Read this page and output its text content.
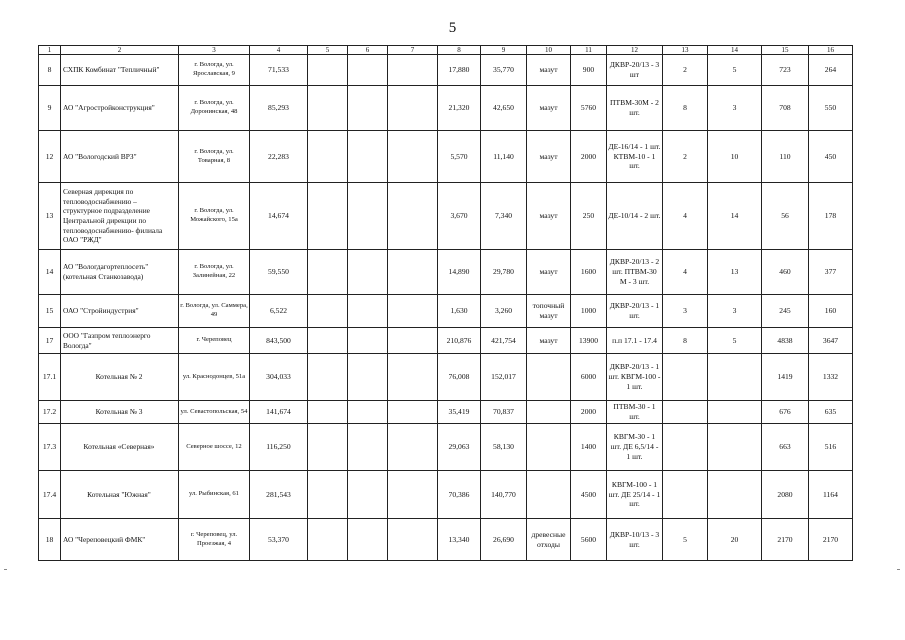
5
1	2	3	4	5	6	7	8	9	10	11	12	13	14	15	16
8	СХПК Комбинат "Тепличный"	г. Вологда, ул. Ярославская, 9	71,533				17,880	35,770	мазут	900	ДКВР-20/13 - 3 шт	2	5	723	264
9	АО "Агростройконструкция"	г. Вологда, ул. Доронинская, 48	85,293				21,320	42,650	мазут	5760	ПТВМ-30М - 2 шт.	8	3	708	550
12	АО "Вологодский ВРЗ"	г. Вологда, ул. Товарная, 8	22,283				5,570	11,140	мазут	2000	ДЕ-16/14 - 1 шт. КТВМ-10 - 1 шт.	2	10	110	450
13	Северная дирекция по тепловодоснабжению – структурное подразделение Центральной дирекции по тепловодоснабжению- филиала ОАО "РЖД"	г. Вологда, ул. Можайского, 15а	14,674				3,670	7,340	мазут	250	ДЕ-10/14 - 2 шт.	4	14	56	178
14	АО "Вологдагортеплосеть" (котельная Станкозавода)	г. Вологда, ул. Залинейная, 22	59,550				14,890	29,780	мазут	1600	ДКВР-20/13 - 2 шт. ПТВМ-30 М - 3 шт.	4	13	460	377
15	ОАО "Стройиндустрия"	г. Вологда, ул. Саммера, 49	6,522				1,630	3,260	топочный мазут	1000	ДКВР-20/13 - 1 шт.	3	3	245	160
17	ООО "Газпром теплоэнерго Вологда"	г. Череповец	843,500				210,876	421,754	мазут	13900	п.п 17.1 - 17.4	8	5	4838	3647
17.1	Котельная № 2	ул. Краснодонцев, 51а	304,033				76,008	152,017		6000	ДКВР-20/13 - 1 шт. КВГМ-100 - 1 шт.			1419	1332
17.2	Котельная № 3	ул. Севастопольская, 54	141,674				35,419	70,837		2000	ПТВМ-30 - 1 шт.			676	635
17.3	Котельная «Северная»	Северное шоссе, 12	116,250				29,063	58,130		1400	КВГМ-30 - 1 шт. ДЕ 6,5/14 - 1 шт.			663	516
17.4	Котельная "Южная"	ул. Рыбинская, 61	281,543				70,386	140,770		4500	КВГМ-100 - 1 шт. ДЕ 25/14 - 1 шт.			2080	1164
18	АО "Череповецкий ФМК"	г. Череповец, ул. Проезжая, 4	53,370				13,340	26,690	древесные отходы	5600	ДКВР-10/13 - 3 шт.	5	20	2170	2170
